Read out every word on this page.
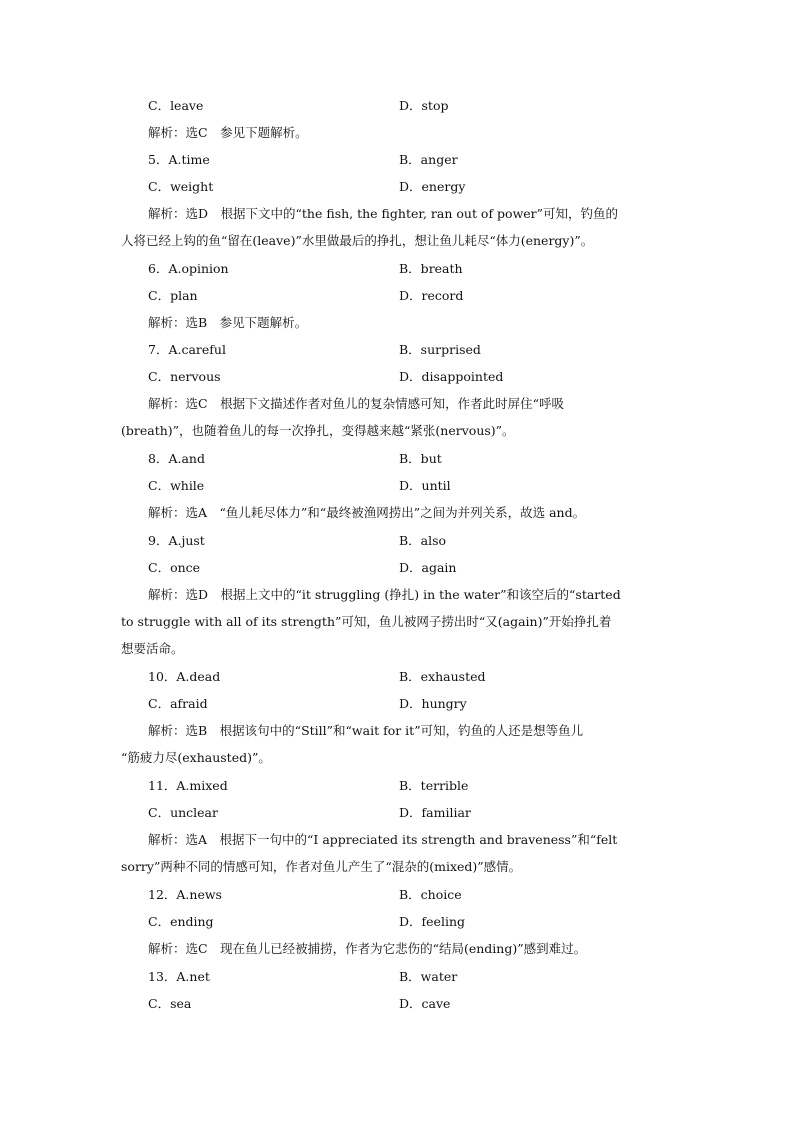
C．leave	D．stop
解析：选C　参见下题解析。
5．A.time	B．anger
C．weight	D．energy
解析：选D　根据下文中的“the fish, the fighter, ran out of power”可知，钓鱼的
人将已经上钩的鱼“留在(leave)”水里做最后的挣扎，想让鱼儿耗尽“体力(energy)”。
6．A.opinion	B．breath
C．plan	D．record
解析：选B　参见下题解析。
7．A.careful	B．surprised
C．nervous	D．disappointed
解析：选C　根据下文描述作者对鱼儿的复杂情感可知，作者此时屏住“呼吸
(breath)”，也随着鱼儿的每一次挣扎，变得越来越“紧张(nervous)”。
8．A.and	B．but
C．while	D．until
解析：选A　“鱼儿耗尽体力”和“最终被渔网捞出”之间为并列关系，故选 and。
9．A.just	B．also
C．once	D．again
解析：选D　根据上文中的“it struggling (挣扎) in the water”和该空后的“started
to struggle with all of its strength”可知，鱼儿被网子捞出时“又(again)”开始挣扎着
想要活命。
10．A.dead	B．exhausted
C．afraid	D．hungry
解析：选B　根据该句中的“Still”和“wait for it”可知，钓鱼的人还是想等鱼儿
“筋疲力尽(exhausted)”。
11．A.mixed	B．terrible
C．unclear	D．familiar
解析：选A　根据下一句中的“I appreciated its strength and braveness”和“felt
sorry”两种不同的情感可知，作者对鱼儿产生了“混杂的(mixed)”感情。
12．A.news	B．choice
C．ending	D．feeling
解析：选C　现在鱼儿已经被捕捞，作者为它悲伤的“结局(ending)”感到难过。
13．A.net	B．water
C．sea	D．cave
